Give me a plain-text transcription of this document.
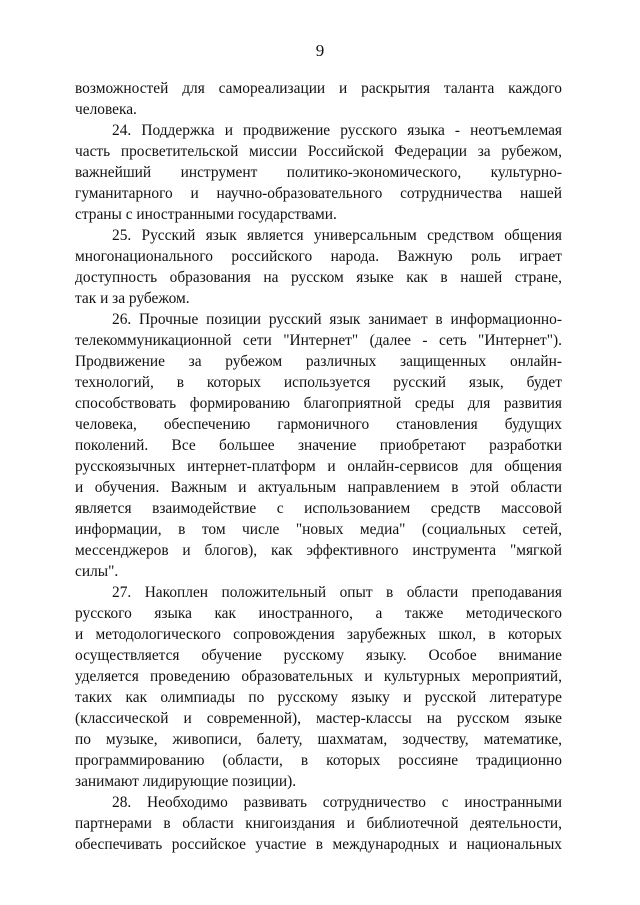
9
возможностей для самореализации и раскрытия таланта каждого
человека.
24. Поддержка и продвижение русского языка - неотъемлемая
часть просветительской миссии Российской Федерации за рубежом,
важнейший инструмент политико-экономического, культурно-
гуманитарного и научно-образовательного сотрудничества нашей
страны с иностранными государствами.
25. Русский язык является универсальным средством общения
многонационального российского народа. Важную роль играет
доступность образования на русском языке как в нашей стране,
так и за рубежом.
26. Прочные позиции русский язык занимает в информационно-
телекоммуникационной сети "Интернет" (далее - сеть "Интернет").
Продвижение за рубежом различных защищенных онлайн-
технологий, в которых используется русский язык, будет
способствовать формированию благоприятной среды для развития
человека, обеспечению гармоничного становления будущих
поколений. Все большее значение приобретают разработки
русскоязычных интернет-платформ и онлайн-сервисов для общения
и обучения. Важным и актуальным направлением в этой области
является взаимодействие с использованием средств массовой
информации, в том числе "новых медиа" (социальных сетей,
мессенджеров и блогов), как эффективного инструмента "мягкой
силы".
27. Накоплен положительный опыт в области преподавания
русского языка как иностранного, а также методического
и методологического сопровождения зарубежных школ, в которых
осуществляется обучение русскому языку. Особое внимание
уделяется проведению образовательных и культурных мероприятий,
таких как олимпиады по русскому языку и русской литературе
(классической и современной), мастер-классы на русском языке
по музыке, живописи, балету, шахматам, зодчеству, математике,
программированию (области, в которых россияне традиционно
занимают лидирующие позиции).
28. Необходимо развивать сотрудничество с иностранными
партнерами в области книгоиздания и библиотечной деятельности,
обеспечивать российское участие в международных и национальных
